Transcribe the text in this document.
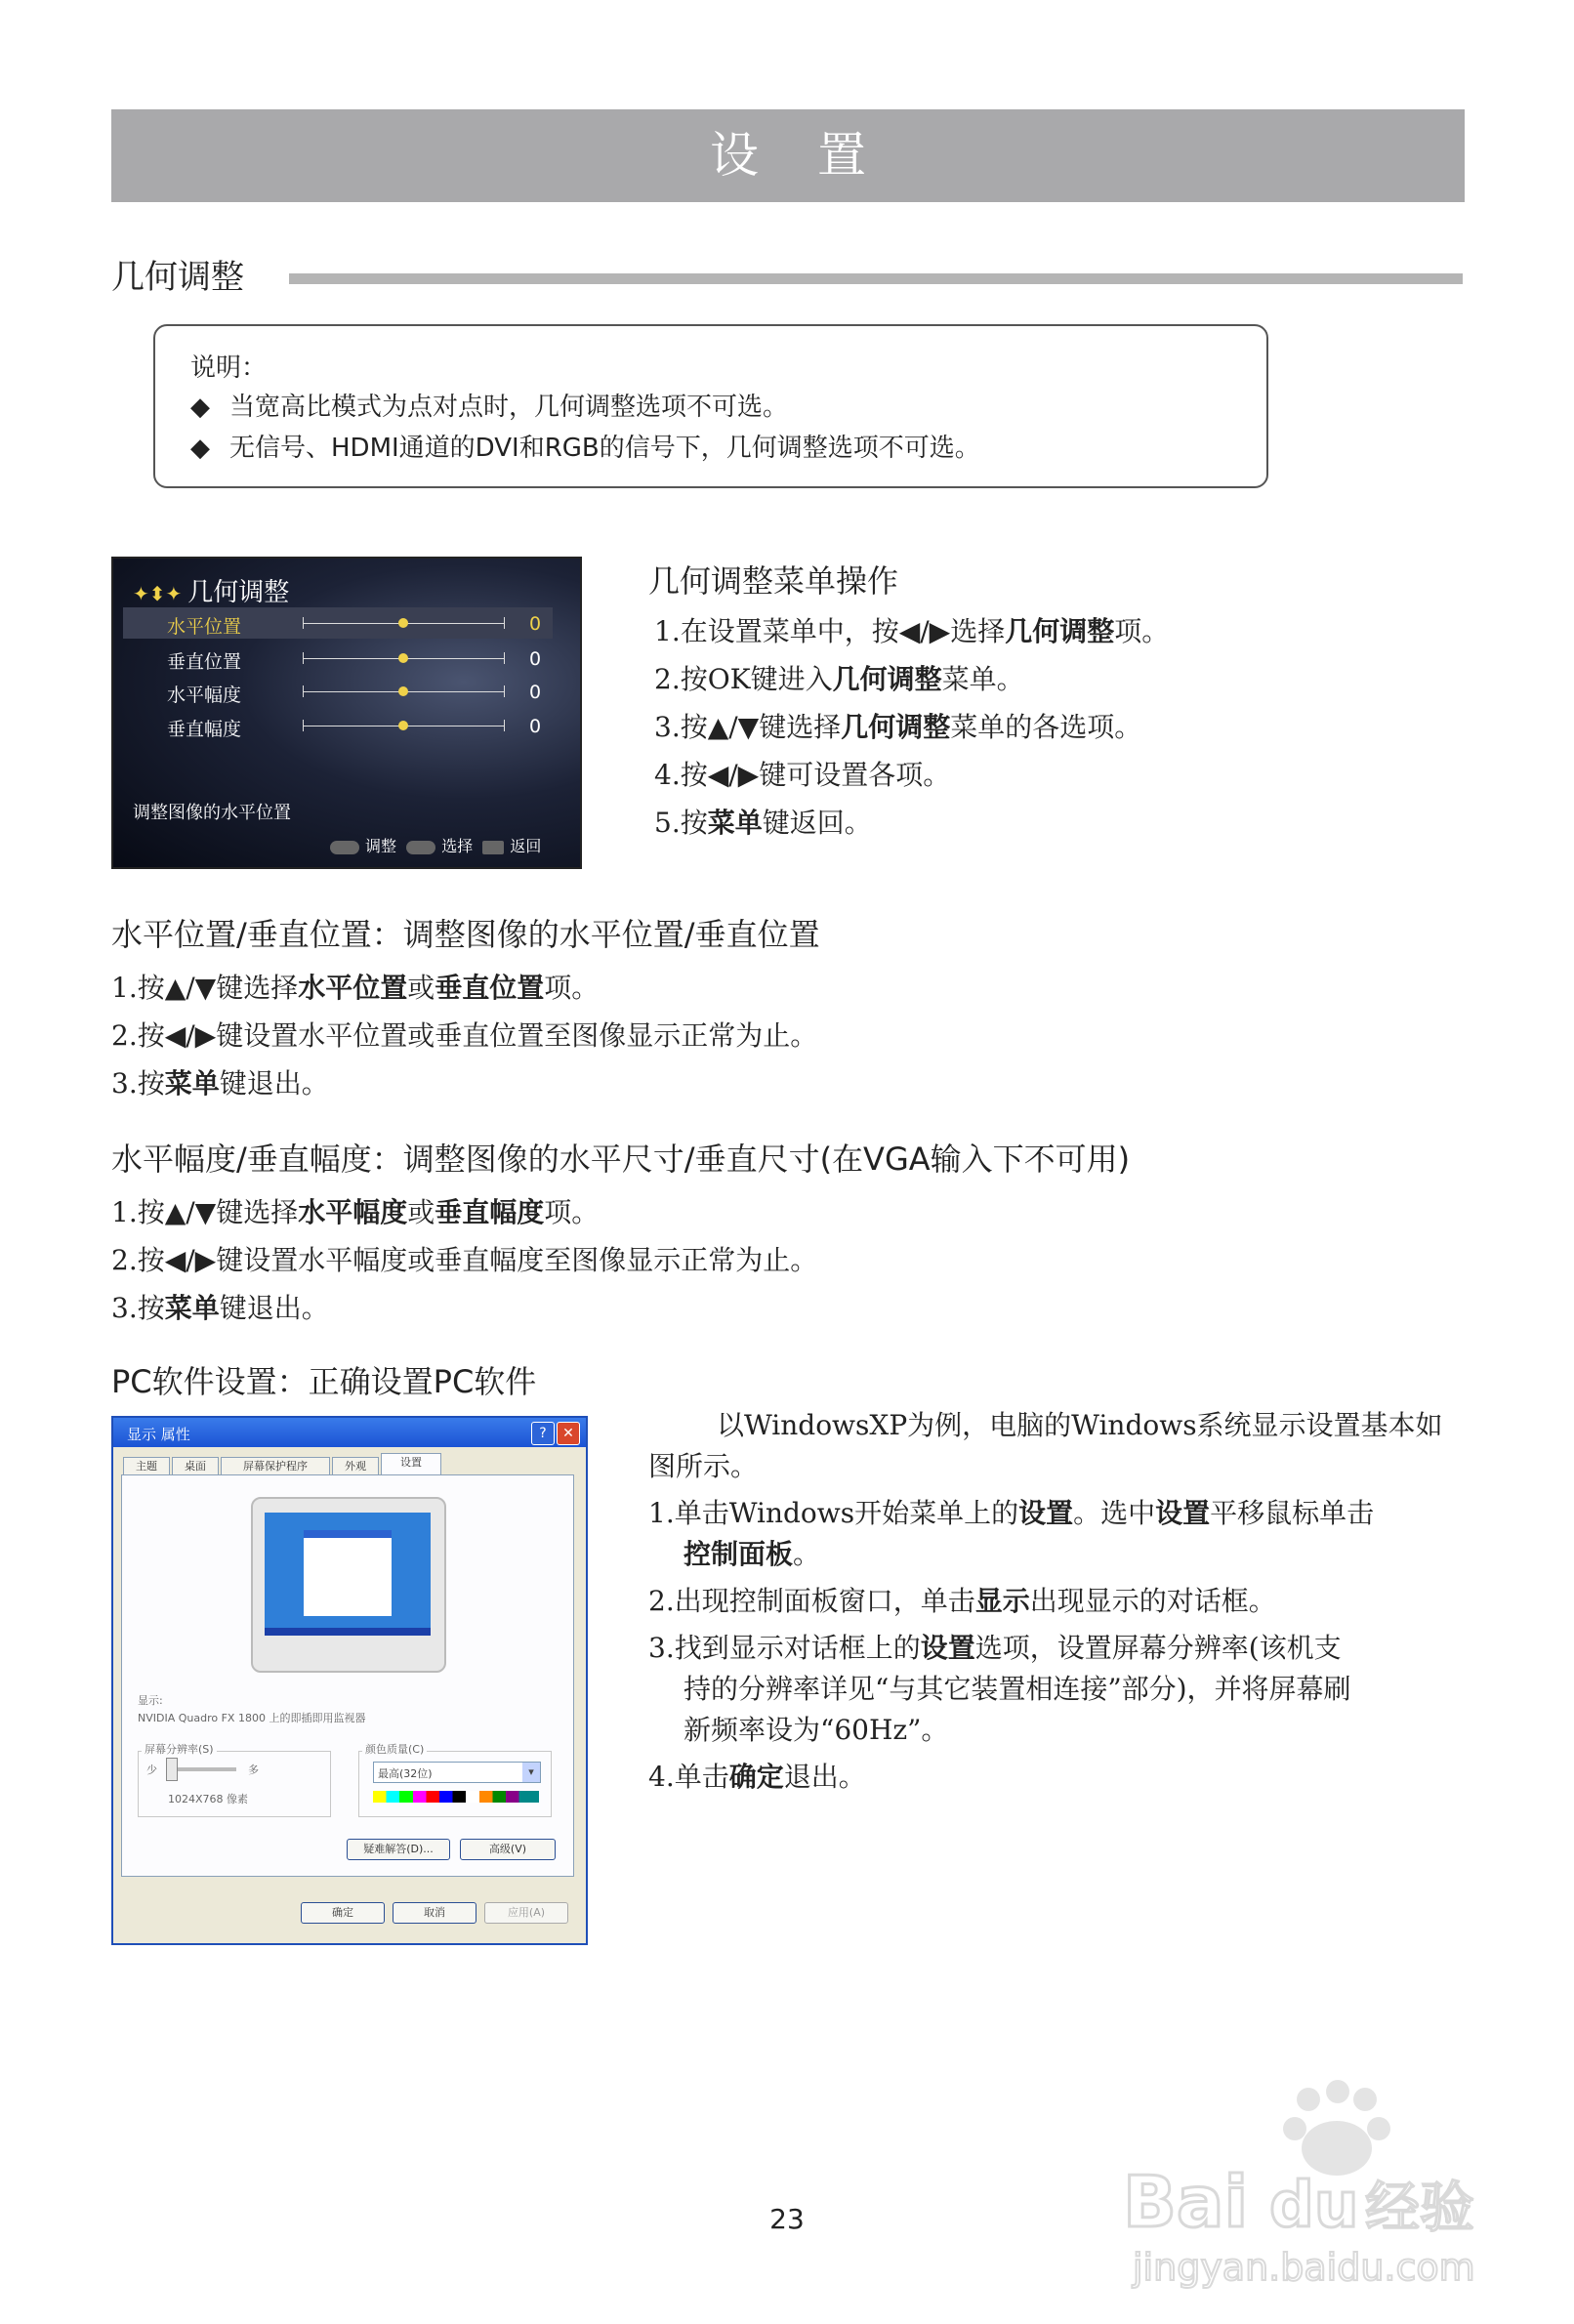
设置
几何调整
说明：
◆ 当宽高比模式为点对点时，几何调整选项不可选。
◆ 无信号、HDMI通道的DVI和RGB的信号下，几何调整选项不可选。
✦⬍✦ 几何调整
水平位置	0
垂直位置	0
水平幅度	0
垂直幅度	0
调整图像的水平位置
调整	选择 返回
几何调整菜单操作
1.在设置菜单中，按◀/▶选择几何调整项。
2.按OK键进入几何调整菜单。
3.按▲/▼键选择几何调整菜单的各选项。
4.按◀/▶键可设置各项。
5.按菜单键返回。
水平位置/垂直位置：调整图像的水平位置/垂直位置
1.按▲/▼键选择水平位置或垂直位置项。
2.按◀/▶键设置水平位置或垂直位置至图像显示正常为止。
3.按菜单键退出。
水平幅度/垂直幅度：调整图像的水平尺寸/垂直尺寸(在VGA输入下不可用)
1.按▲/▼键选择水平幅度或垂直幅度项。
2.按◀/▶键设置水平幅度或垂直幅度至图像显示正常为止。
3.按菜单键退出。
PC软件设置：正确设置PC软件
显示 属性	?	✕
主题	桌面	屏幕保护程序	外观	设置
显示:
NVIDIA Quadro FX 1800 上的即插即用监视器
屏幕分辨率(S)
少	多
1024X768 像素
颜色质量(C)
最高(32位)	▾
疑难解答(D)...	高级(V)
确定	取消	应用(A)
以WindowsXP为例，电脑的Windows系统显示设置基本如
图所示。
1.单击Windows开始菜单上的设置。选中设置平移鼠标单击
控制面板。
2.出现控制面板窗口，单击显示出现显示的对话框。
3.找到显示对话框上的设置选项，设置屏幕分辨率(该机支
持的分辨率详见“与其它装置相连接”部分)，并将屏幕刷
新频率设为“60Hz”。
4.单击确定退出。
23	Bai du 经验
jingyan.baidu.com
